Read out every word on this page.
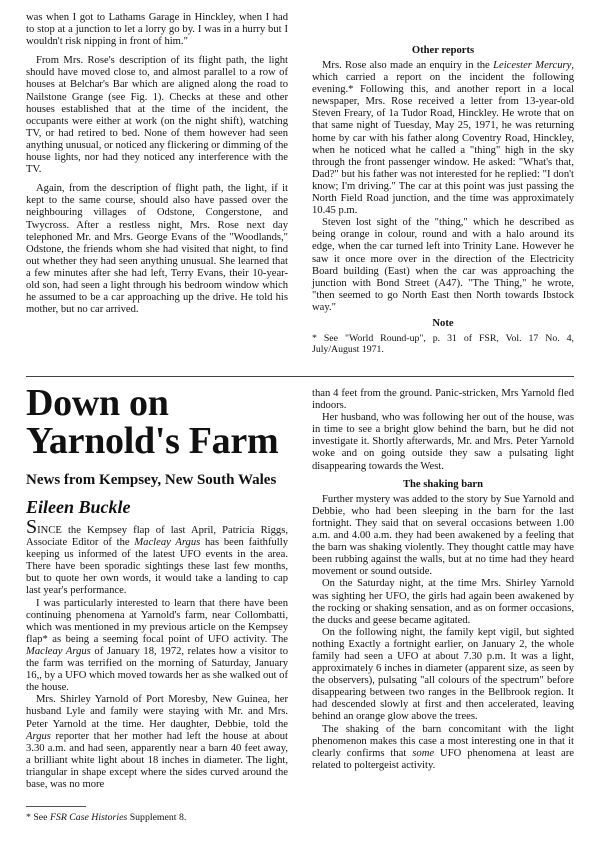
was when I got to Lathams Garage in Hinckley, when I had to stop at a junction to let a lorry go by. I was in a hurry but I wouldn't risk nipping in front of him."

From Mrs. Rose's description of its flight path, the light should have moved close to, and almost parallel to a row of houses at Belchar's Bar which are aligned along the road to Nailstone Grange (see Fig. 1). Checks at these and other houses established that at the time of the incident, the occupants were either at work (on the night shift), watching TV, or had retired to bed. None of them however had seen anything unusual, or noticed any flickering or dimming of the house lights, nor had they noticed any interference with the TV.

Again, from the description of flight path, the light, if it kept to the same course, should also have passed over the neighbouring villages of Odstone, Congerstone, and Twycross. After a restless night, Mrs. Rose next day telephoned Mr. and Mrs. George Evans of the "Woodlands," Odstone, the friends whom she had visited that night, to find out whether they had seen anything unusual. She learned that a few minutes after she had left, Terry Evans, their 10-year-old son, had seen a light through his bedroom window which he assumed to be a car approaching up the drive. He told his mother, but no car arrived.

Other reports

Mrs. Rose also made an enquiry in the Leicester Mercury, which carried a report on the incident the following evening.* Following this, and another report in a local newspaper, Mrs. Rose received a letter from 13-year-old Steven Freary, of 1a Tudor Road, Hinckley. He wrote that on that same night of Tuesday, May 25, 1971, he was returning home by car with his father along Coventry Road, Hinckley, when he noticed what he called a "thing" high in the sky through the front passenger window. He asked: "What's that, Dad?" but his father was not interested for he replied: "I don't know; I'm driving." The car at this point was just passing the North Field Road junction, and the time was approximately 10.45 p.m.

Steven lost sight of the "thing," which he described as being orange in colour, round and with a halo around its edge, when the car turned left into Trinity Lane. However he saw it once more over in the direction of the Electricity Board building (East) when the car was approaching the junction with Bond Street (A47). "The Thing," he wrote, "then seemed to go North East then North towards Ibstock way."

Note

* See "World Round-up", p. 31 of FSR, Vol. 17 No. 4, July/August 1971.

Down on Yarnold's Farm
News from Kempsey, New South Wales
Eileen Buckle

SINCE the Kempsey flap of last April, Patricia Riggs, Associate Editor of the Macleay Argus has been faithfully keeping us informed of the latest UFO events in the area. There have been sporadic sightings these last few months, but to quote her own words, it would take a landing to cap last year's performance.

I was particularly interested to learn that there have been continuing phenomena at Yarnold's farm, near Collombatti, which was mentioned in my previous article on the Kempsey flap* as being a seeming focal point of UFO activity. The Macleay Argus of January 18, 1972, relates how a visitor to the farm was terrified on the morning of Saturday, January 16,, by a UFO which moved towards her as she walked out of the house.

Mrs. Shirley Yarnold of Port Moresby, New Guinea, her husband Lyle and family were staying with Mr. and Mrs. Peter Yarnold at the time. Her daughter, Debbie, told the Argus reporter that her mother had left the house at about 3.30 a.m. and had seen, apparently near a barn 40 feet away, a brilliant white light about 18 inches in diameter. The light, triangular in shape except where the sides curved around the base, was no more

* See FSR Case Histories Supplement 8.

than 4 feet from the ground. Panic-stricken, Mrs Yarnold fled indoors.

Her husband, who was following her out of the house, was in time to see a bright glow behind the barn, but he did not investigate it. Shortly afterwards, Mr. and Mrs. Peter Yarnold woke and on going outside they saw a pulsating light disappearing towards the West.

The shaking barn

Further mystery was added to the story by Sue Yarnold and Debbie, who had been sleeping in the barn for the last fortnight. They said that on several occasions between 1.00 a.m. and 4.00 a.m. they had been awakened by a feeling that the barn was shaking violently. They thought cattle may have been rubbing against the walls, but at no time had they heard movement or sound outside.

On the Saturday night, at the time Mrs. Shirley Yarnold was sighting her UFO, the girls had again been awakened by the rocking or shaking sensation, and as on former occasions, the ducks and geese became agitated.

On the following night, the family kept vigil, but sighted nothing Exactly a fortnight earlier, on January 2, the whole family had seen a UFO at about 7.30 p.m. It was a light, approximately 6 inches in diameter (apparent size, as seen by the observers), pulsating "all colours of the spectrum" before disappearing between two ranges in the Bellbrook region. It had descended slowly at first and then accelerated, leaving behind an orange glow above the trees.

The shaking of the barn concomitant with the light phenomenon makes this case a most interesting one in that it clearly confirms that some UFO phenomena at least are related to poltergeist activity.
